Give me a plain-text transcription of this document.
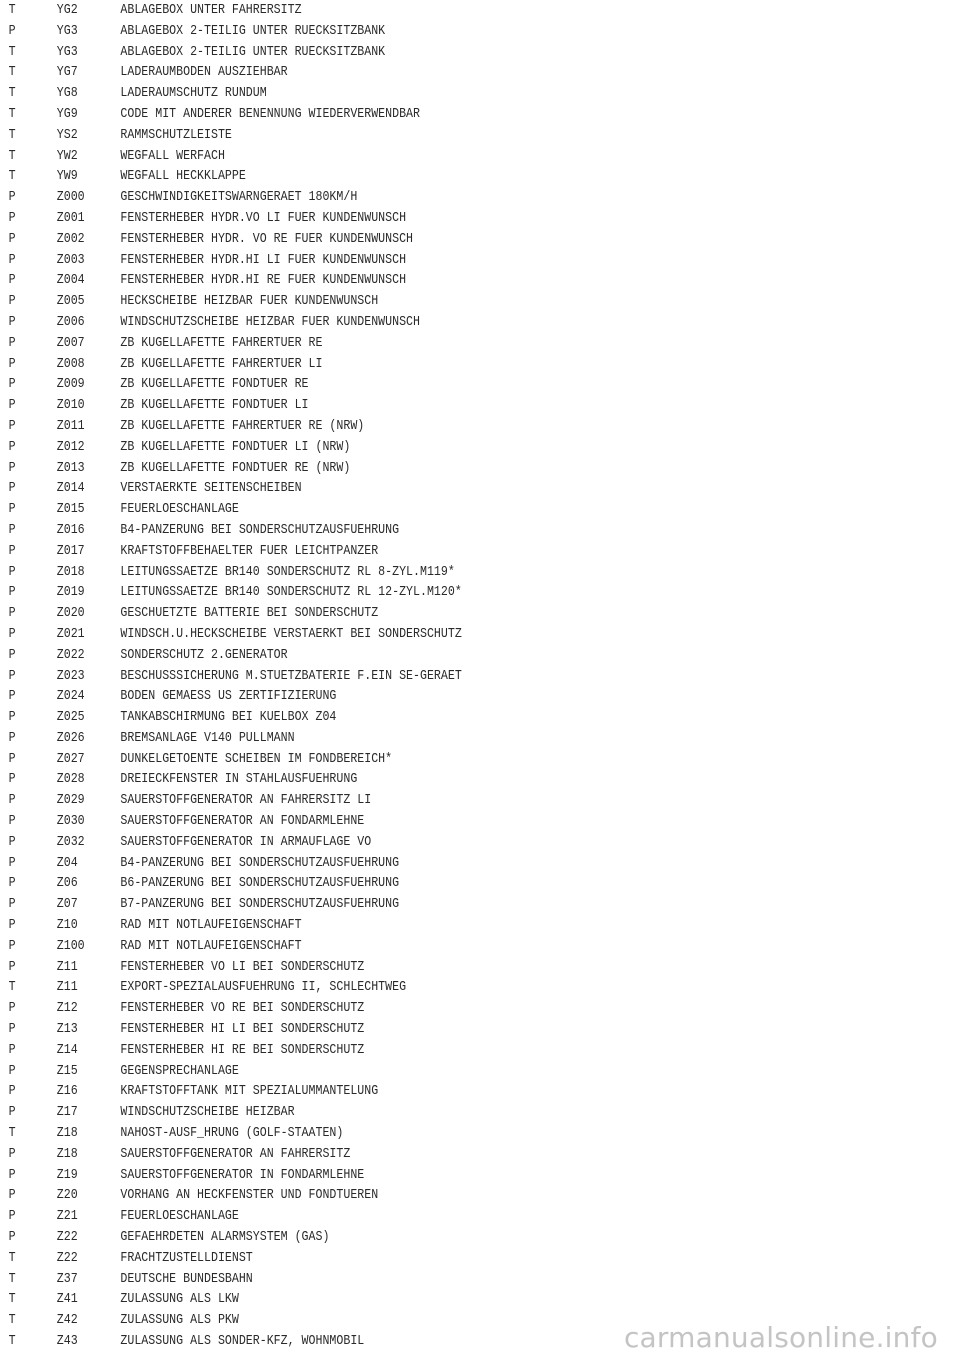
T	YG2	ABLAGEBOX UNTER FAHRERSITZ
P	YG3	ABLAGEBOX 2-TEILIG UNTER RUECKSITZBANK
T	YG3	ABLAGEBOX 2-TEILIG UNTER RUECKSITZBANK
T	YG7	LADERAUMBODEN AUSZIEHBAR
T	YG8	LADERAUMSCHUTZ RUNDUM
T	YG9	CODE MIT ANDERER BENENNUNG WIEDERVERWENDBAR
T	YS2	RAMMSCHUTZLEISTE
T	YW2	WEGFALL WERFACH
T	YW9	WEGFALL HECKKLAPPE
P	Z000	GESCHWINDIGKEITSWARNGERAET 180KM/H
P	Z001	FENSTERHEBER HYDR.VO LI FUER KUNDENWUNSCH
P	Z002	FENSTERHEBER HYDR. VO RE FUER KUNDENWUNSCH
P	Z003	FENSTERHEBER HYDR.HI LI FUER KUNDENWUNSCH
P	Z004	FENSTERHEBER HYDR.HI RE FUER KUNDENWUNSCH
P	Z005	HECKSCHEIBE HEIZBAR FUER KUNDENWUNSCH
P	Z006	WINDSCHUTZSCHEIBE HEIZBAR FUER KUNDENWUNSCH
P	Z007	ZB KUGELLAFETTE FAHRERTUER RE
P	Z008	ZB KUGELLAFETTE FAHRERTUER LI
P	Z009	ZB KUGELLAFETTE FONDTUER RE
P	Z010	ZB KUGELLAFETTE FONDTUER LI
P	Z011	ZB KUGELLAFETTE FAHRERTUER RE (NRW)
P	Z012	ZB KUGELLAFETTE FONDTUER LI (NRW)
P	Z013	ZB KUGELLAFETTE FONDTUER RE (NRW)
P	Z014	VERSTAERKTE SEITENSCHEIBEN
P	Z015	FEUERLOESCHANLAGE
P	Z016	B4-PANZERUNG BEI SONDERSCHUTZAUSFUEHRUNG
P	Z017	KRAFTSTOFFBEHAELTER FUER LEICHTPANZER
P	Z018	LEITUNGSSAETZE BR140 SONDERSCHUTZ RL 8-ZYL.M119*
P	Z019	LEITUNGSSAETZE BR140 SONDERSCHUTZ RL 12-ZYL.M120*
P	Z020	GESCHUETZTE BATTERIE BEI SONDERSCHUTZ
P	Z021	WINDSCH.U.HECKSCHEIBE VERSTAERKT BEI SONDERSCHUTZ
P	Z022	SONDERSCHUTZ 2.GENERATOR
P	Z023	BESCHUSSSICHERUNG M.STUETZBATERIE F.EIN SE-GERAET
P	Z024	BODEN GEMAESS US ZERTIFIZIERUNG
P	Z025	TANKABSCHIRMUNG BEI KUELBOX Z04
P	Z026	BREMSANLAGE V140 PULLMANN
P	Z027	DUNKELGETOENTE SCHEIBEN IM FONDBEREICH*
P	Z028	DREIECKFENSTER IN STAHLAUSFUEHRUNG
P	Z029	SAUERSTOFFGENERATOR AN FAHRERSITZ LI
P	Z030	SAUERSTOFFGENERATOR AN FONDARMLEHNE
P	Z032	SAUERSTOFFGENERATOR IN ARMAUFLAGE VO
P	Z04	B4-PANZERUNG BEI SONDERSCHUTZAUSFUEHRUNG
P	Z06	B6-PANZERUNG BEI SONDERSCHUTZAUSFUEHRUNG
P	Z07	B7-PANZERUNG BEI SONDERSCHUTZAUSFUEHRUNG
P	Z10	RAD MIT NOTLAUFEIGENSCHAFT
P	Z100	RAD MIT NOTLAUFEIGENSCHAFT
P	Z11	FENSTERHEBER VO LI BEI SONDERSCHUTZ
T	Z11	EXPORT-SPEZIALAUSFUEHRUNG II, SCHLECHTWEG
P	Z12	FENSTERHEBER VO RE BEI SONDERSCHUTZ
P	Z13	FENSTERHEBER HI LI BEI SONDERSCHUTZ
P	Z14	FENSTERHEBER HI RE BEI SONDERSCHUTZ
P	Z15	GEGENSPRECHANLAGE
P	Z16	KRAFTSTOFFTANK MIT SPEZIALUMMANTELUNG
P	Z17	WINDSCHUTZSCHEIBE HEIZBAR
T	Z18	NAHOST-AUSF_HRUNG (GOLF-STAATEN)
P	Z18	SAUERSTOFFGENERATOR AN FAHRERSITZ
P	Z19	SAUERSTOFFGENERATOR IN FONDARMLEHNE
P	Z20	VORHANG AN HECKFENSTER UND FONDTUEREN
P	Z21	FEUERLOESCHANLAGE
P	Z22	GEFAEHRDETEN ALARMSYSTEM (GAS)
T	Z22	FRACHTZUSTELLDIENST
T	Z37	DEUTSCHE BUNDESBAHN
T	Z41	ZULASSUNG ALS LKW
T	Z42	ZULASSUNG ALS PKW
T	Z43	ZULASSUNG ALS SONDER-KFZ, WOHNMOBIL	carmanualsonline.info
